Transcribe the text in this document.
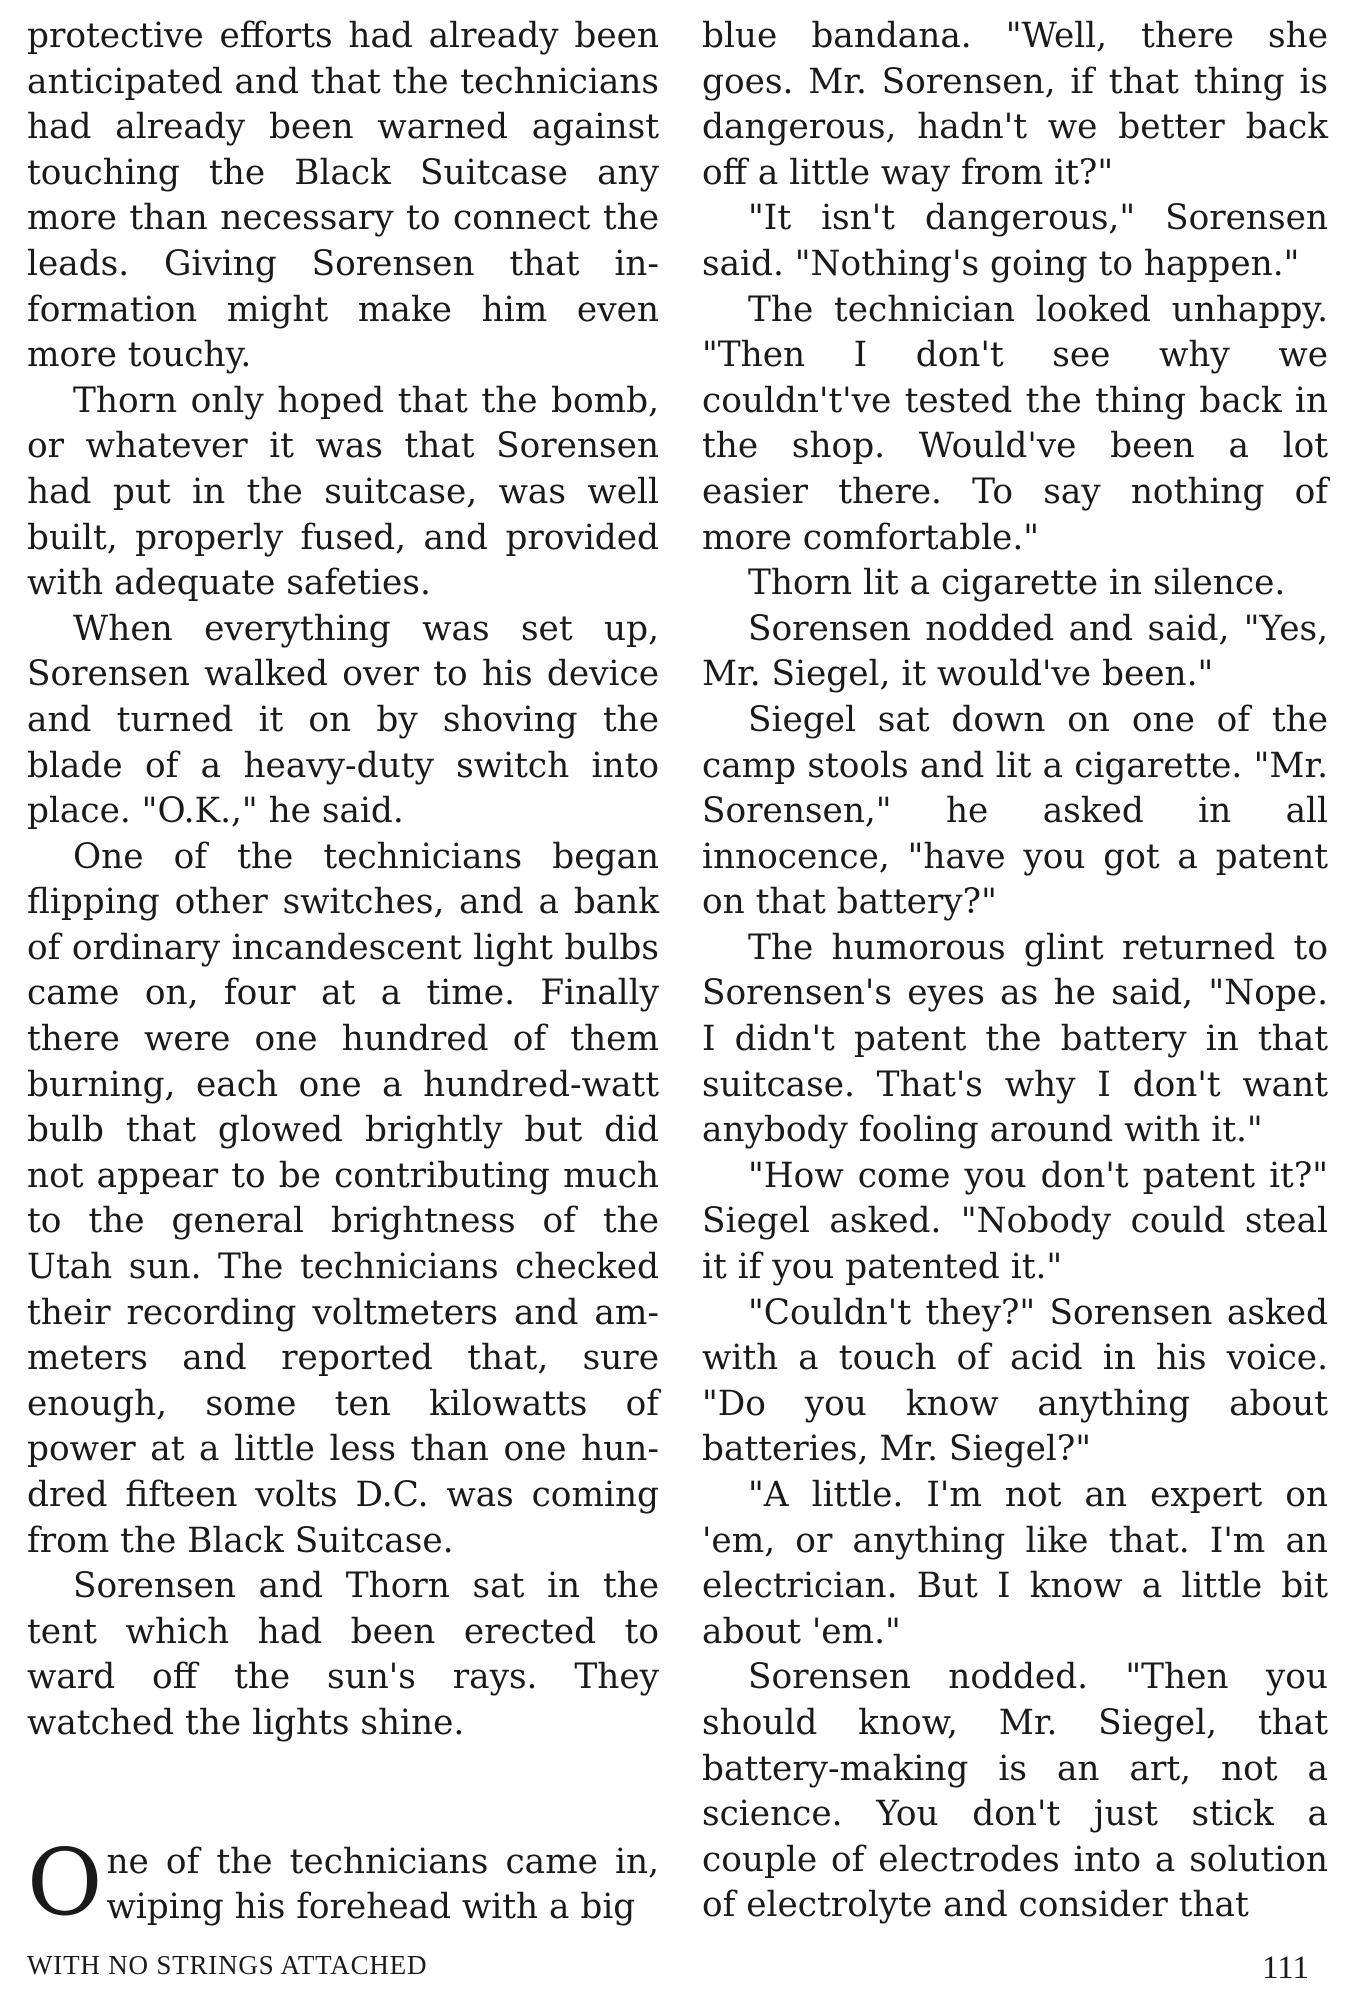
protective efforts had already been anticipated and that the technicians had already been warned against touching the Black Suitcase any more than necessary to connect the leads. Giving Sorensen that information might make him even more touchy.

Thorn only hoped that the bomb, or whatever it was that Sorensen had put in the suitcase, was well built, properly fused, and provided with adequate safeties.

When everything was set up, Sorensen walked over to his device and turned it on by shoving the blade of a heavy-duty switch into place. "O.K.," he said.

One of the technicians began flipping other switches, and a bank of ordinary incandescent light bulbs came on, four at a time. Finally there were one hundred of them burning, each one a hundred-watt bulb that glowed brightly but did not appear to be contributing much to the general brightness of the Utah sun. The technicians checked their recording voltmeters and ammeters and reported that, sure enough, some ten kilowatts of power at a little less than one hundred fifteen volts D.C. was coming from the Black Suitcase.

Sorensen and Thorn sat in the tent which had been erected to ward off the sun's rays. They watched the lights shine.

One of the technicians came in, wiping his forehead with a big

blue bandana. "Well, there she goes. Mr. Sorensen, if that thing is dangerous, hadn't we better back off a little way from it?"

"It isn't dangerous," Sorensen said. "Nothing's going to happen."

The technician looked unhappy. "Then I don't see why we couldn't've tested the thing back in the shop. Would've been a lot easier there. To say nothing of more comfortable."

Thorn lit a cigarette in silence.

Sorensen nodded and said, "Yes, Mr. Siegel, it would've been."

Siegel sat down on one of the camp stools and lit a cigarette. "Mr. Sorensen," he asked in all innocence, "have you got a patent on that battery?"

The humorous glint returned to Sorensen's eyes as he said, "Nope. I didn't patent the battery in that suitcase. That's why I don't want anybody fooling around with it."

"How come you don't patent it?" Siegel asked. "Nobody could steal it if you patented it."

"Couldn't they?" Sorensen asked with a touch of acid in his voice. "Do you know anything about batteries, Mr. Siegel?"

"A little. I'm not an expert on 'em, or anything like that. I'm an electrician. But I know a little bit about 'em."

Sorensen nodded. "Then you should know, Mr. Siegel, that battery-making is an art, not a science. You don't just stick a couple of electrodes into a solution of electrolyte and consider that

WITH NO STRINGS ATTACHED	111
